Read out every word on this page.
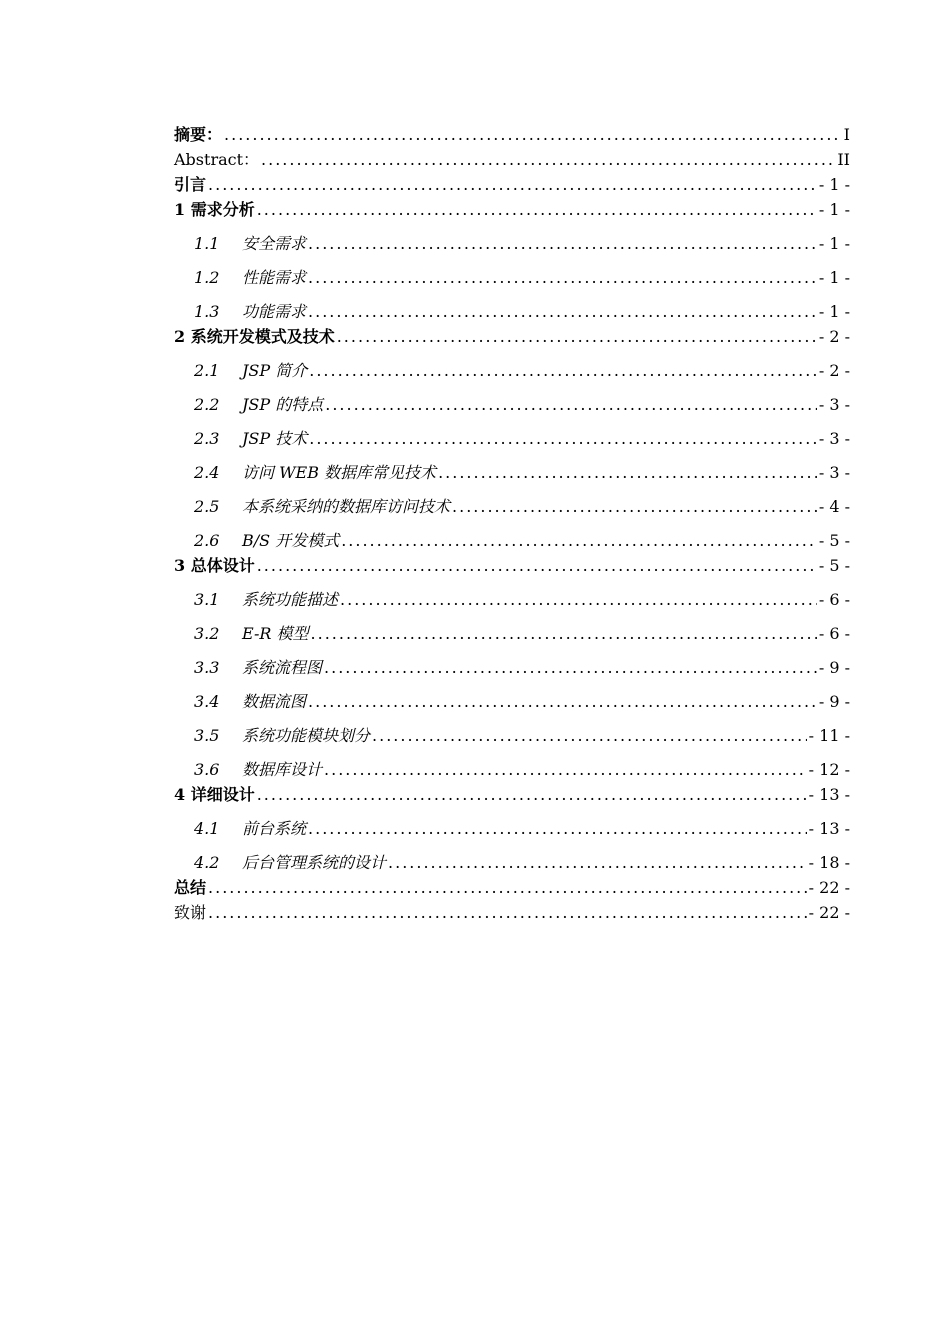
摘要： .....	I
Abstract： .....	II
引言 .....	- 1 -
1 需求分析 .....	- 1 -
1.1 安全需求 .....	- 1 -
1.2 性能需求 .....	- 1 -
1.3 功能需求 .....	- 1 -
2 系统开发模式及技术 .....	- 2 -
2.1 JSP 简介 .....	- 2 -
2.2 JSP 的特点 .....	- 3 -
2.3 JSP 技术 .....	- 3 -
2.4 访问 WEB 数据库常见技术 .....	- 3 -
2.5 本系统采纳的数据库访问技术 .....	- 4 -
2.6 B/S 开发模式 .....	- 5 -
3 总体设计 .....	- 5 -
3.1 系统功能描述 .....	- 6 -
3.2 E-R 模型 .....	- 6 -
3.3 系统流程图 .....	- 9 -
3.4 数据流图 .....	- 9 -
3.5 系统功能模块划分 .....	- 11 -
3.6 数据库设计 .....	- 12 -
4 详细设计 .....	- 13 -
4.1 前台系统 .....	- 13 -
4.2 后台管理系统的设计 .....	- 18 -
总结 .....	- 22 -
致谢 .....	- 22 -
